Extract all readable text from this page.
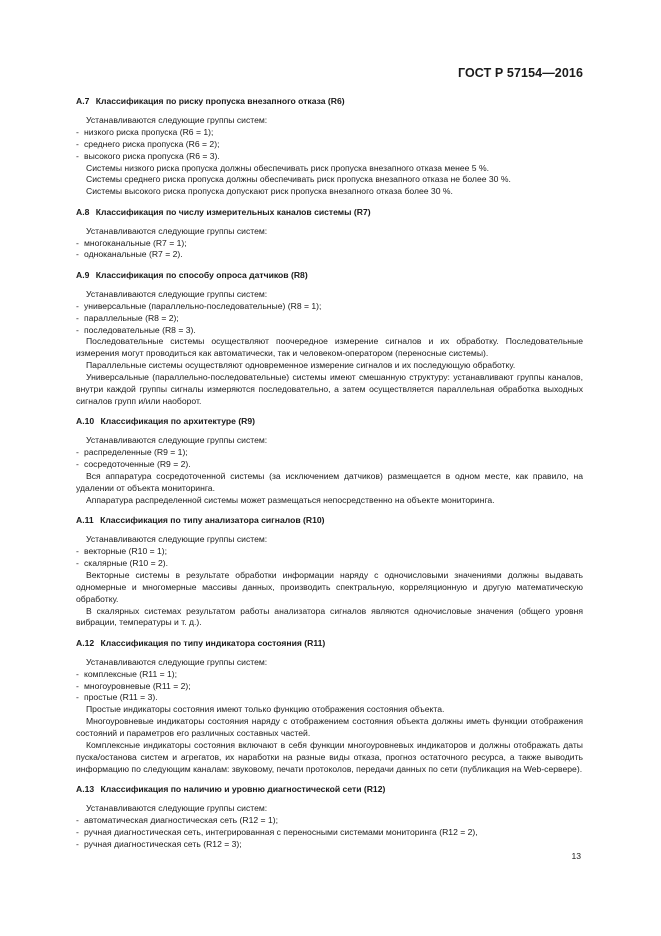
ГОСТ Р 57154—2016
А.7 Классификация по риску пропуска внезапного отказа (R6)

Устанавливаются следующие группы систем:

- низкого риска пропуска (R6 = 1);

- среднего риска пропуска (R6 = 2);

- высокого риска пропуска (R6 = 3).

Системы низкого риска пропуска должны обеспечивать риск пропуска внезапного отказа менее 5 %.

Системы среднего риска пропуска должны обеспечивать риск пропуска внезапного отказа не более 30 %.

Системы высокого риска пропуска допускают риск пропуска внезапного отказа более 30 %.

А.8 Классификация по числу измерительных каналов системы (R7)

Устанавливаются следующие группы систем:

- многоканальные (R7 = 1);

- одноканальные (R7 = 2).

А.9 Классификация по способу опроса датчиков (R8)

Устанавливаются следующие группы систем:

- универсальные (параллельно-последовательные) (R8 = 1);

- параллельные (R8 = 2);

- последовательные (R8 = 3).

Последовательные системы осуществляют поочередное измерение сигналов и их обработку. Последовательные измерения могут проводиться как автоматически, так и человеком-оператором (переносные системы).

Параллельные системы осуществляют одновременное измерение сигналов и их последующую обработку.

Универсальные (параллельно-последовательные) системы имеют смешанную структуру: устанавливают группы каналов, внутри каждой группы сигналы измеряются последовательно, а затем осуществляется параллельная обработка выходных сигналов групп и/или наоборот.

А.10 Классификация по архитектуре (R9)

Устанавливаются следующие группы систем:

- распределенные (R9 = 1);

- сосредоточенные (R9 = 2).

Вся аппаратура сосредоточенной системы (за исключением датчиков) размещается в одном месте, как правило, на удалении от объекта мониторинга.

Аппаратура распределенной системы может размещаться непосредственно на объекте мониторинга.

А.11 Классификация по типу анализатора сигналов (R10)

Устанавливаются следующие группы систем:

- векторные (R10 = 1);

- скалярные (R10 = 2).

Векторные системы в результате обработки информации наряду с одночисловыми значениями должны выдавать одномерные и многомерные массивы данных, производить спектральную, корреляционную и другую математическую обработку.

В скалярных системах результатом работы анализатора сигналов являются одночисловые значения (общего уровня вибрации, температуры и т. д.).

А.12 Классификация по типу индикатора состояния (R11)

Устанавливаются следующие группы систем:

- комплексные (R11 = 1);

- многоуровневые (R11 = 2);

- простые (R11 = 3).

Простые индикаторы состояния имеют только функцию отображения состояния объекта.

Многоуровневые индикаторы состояния наряду с отображением состояния объекта должны иметь функции отображения состояний и параметров его различных составных частей.

Комплексные индикаторы состояния включают в себя функции многоуровневых индикаторов и должны отображать даты пуска/останова систем и агрегатов, их наработки на разные виды отказа, прогноз остаточного ресурса, а также выводить информацию по следующим каналам: звуковому, печати протоколов, передачи данных по сети (публикация на Web-сервере).

А.13 Классификация по наличию и уровню диагностической сети (R12)

Устанавливаются следующие группы систем:

- автоматическая диагностическая сеть (R12 = 1);

- ручная диагностическая сеть, интегрированная с переносными системами мониторинга (R12 = 2),

- ручная диагностическая сеть (R12 = 3);

13
